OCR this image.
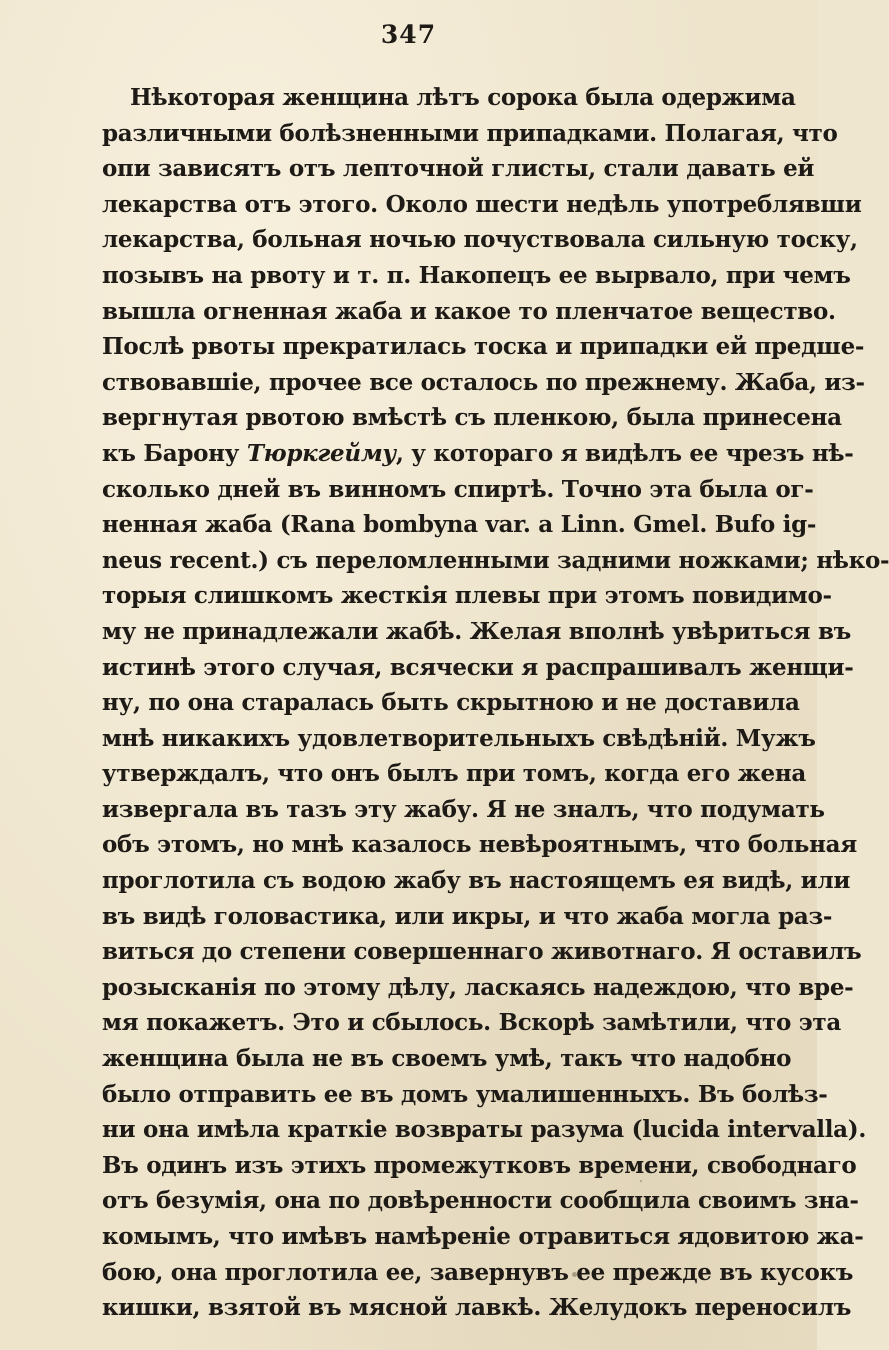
347
Нѣкоторая женщина лѣтъ сорока была одержима
различными болѣзненными припадками. Полагая, что
опи зависятъ отъ лепточной глисты, стали давать ей
лекарства отъ этого. Около шести недѣль употреблявши
лекарства, больная ночью почуствовала сильную тоску,
позывъ на рвоту и т. п. Накопецъ ее вырвало, при чемъ
вышла огненная жаба и какое то пленчатое вещество.
Послѣ рвоты прекратилась тоска и припадки ей предше-
ствовавшіе, прочее все осталось по прежнему. Жаба, из-
вергнутая рвотою вмѣстѣ съ пленкою, была принесена
къ Барону Тюркгейму, у котораго я видѣлъ ее чрезъ нѣ-
сколько дней въ винномъ спиртѣ. Точно эта была ог-
ненная жаба (Rana bombyna var. a Linn. Gmel. Bufo ig-
neus recent.) съ переломленными задними ножками; нѣко-
торыя слишкомъ жесткія плевы при этомъ повидимо-
му не принадлежали жабѣ. Желая вполнѣ увѣриться въ
истинѣ этого случая, всячески я распрашивалъ женщи-
ну, по она старалась быть скрытною и не доставила
мнѣ никакихъ удовлетворительныхъ свѣдѣній. Мужъ
утверждалъ, что онъ былъ при томъ, когда его жена
извергала въ тазъ эту жабу. Я не зналъ, что подумать
объ этомъ, но мнѣ казалось невѣроятнымъ, что больная
проглотила съ водою жабу въ настоящемъ ея видѣ, или
въ видѣ головастика, или икры, и что жаба могла раз-
виться до степени совершеннаго животнаго. Я оставилъ
розысканія по этому дѣлу, ласкаясь надеждою, что вре-
мя покажетъ. Это и сбылось. Вскорѣ замѣтили, что эта
женщина была не въ своемъ умѣ, такъ что надобно
было отправить ее въ домъ умалишенныхъ. Въ болѣз-
ни она имѣла краткіе возвраты разума (lucida intervalla).
Въ одинъ изъ этихъ промежутковъ времени, свободнаго
отъ безумія, она по довѣренности сообщила своимъ зна-
комымъ, что имѣвъ намѣреніе отравиться ядовитою жа-
бою, она проглотила ее, завернувъ ее прежде въ кусокъ
кишки, взятой въ мясной лавкѣ. Желудокъ переносилъ
